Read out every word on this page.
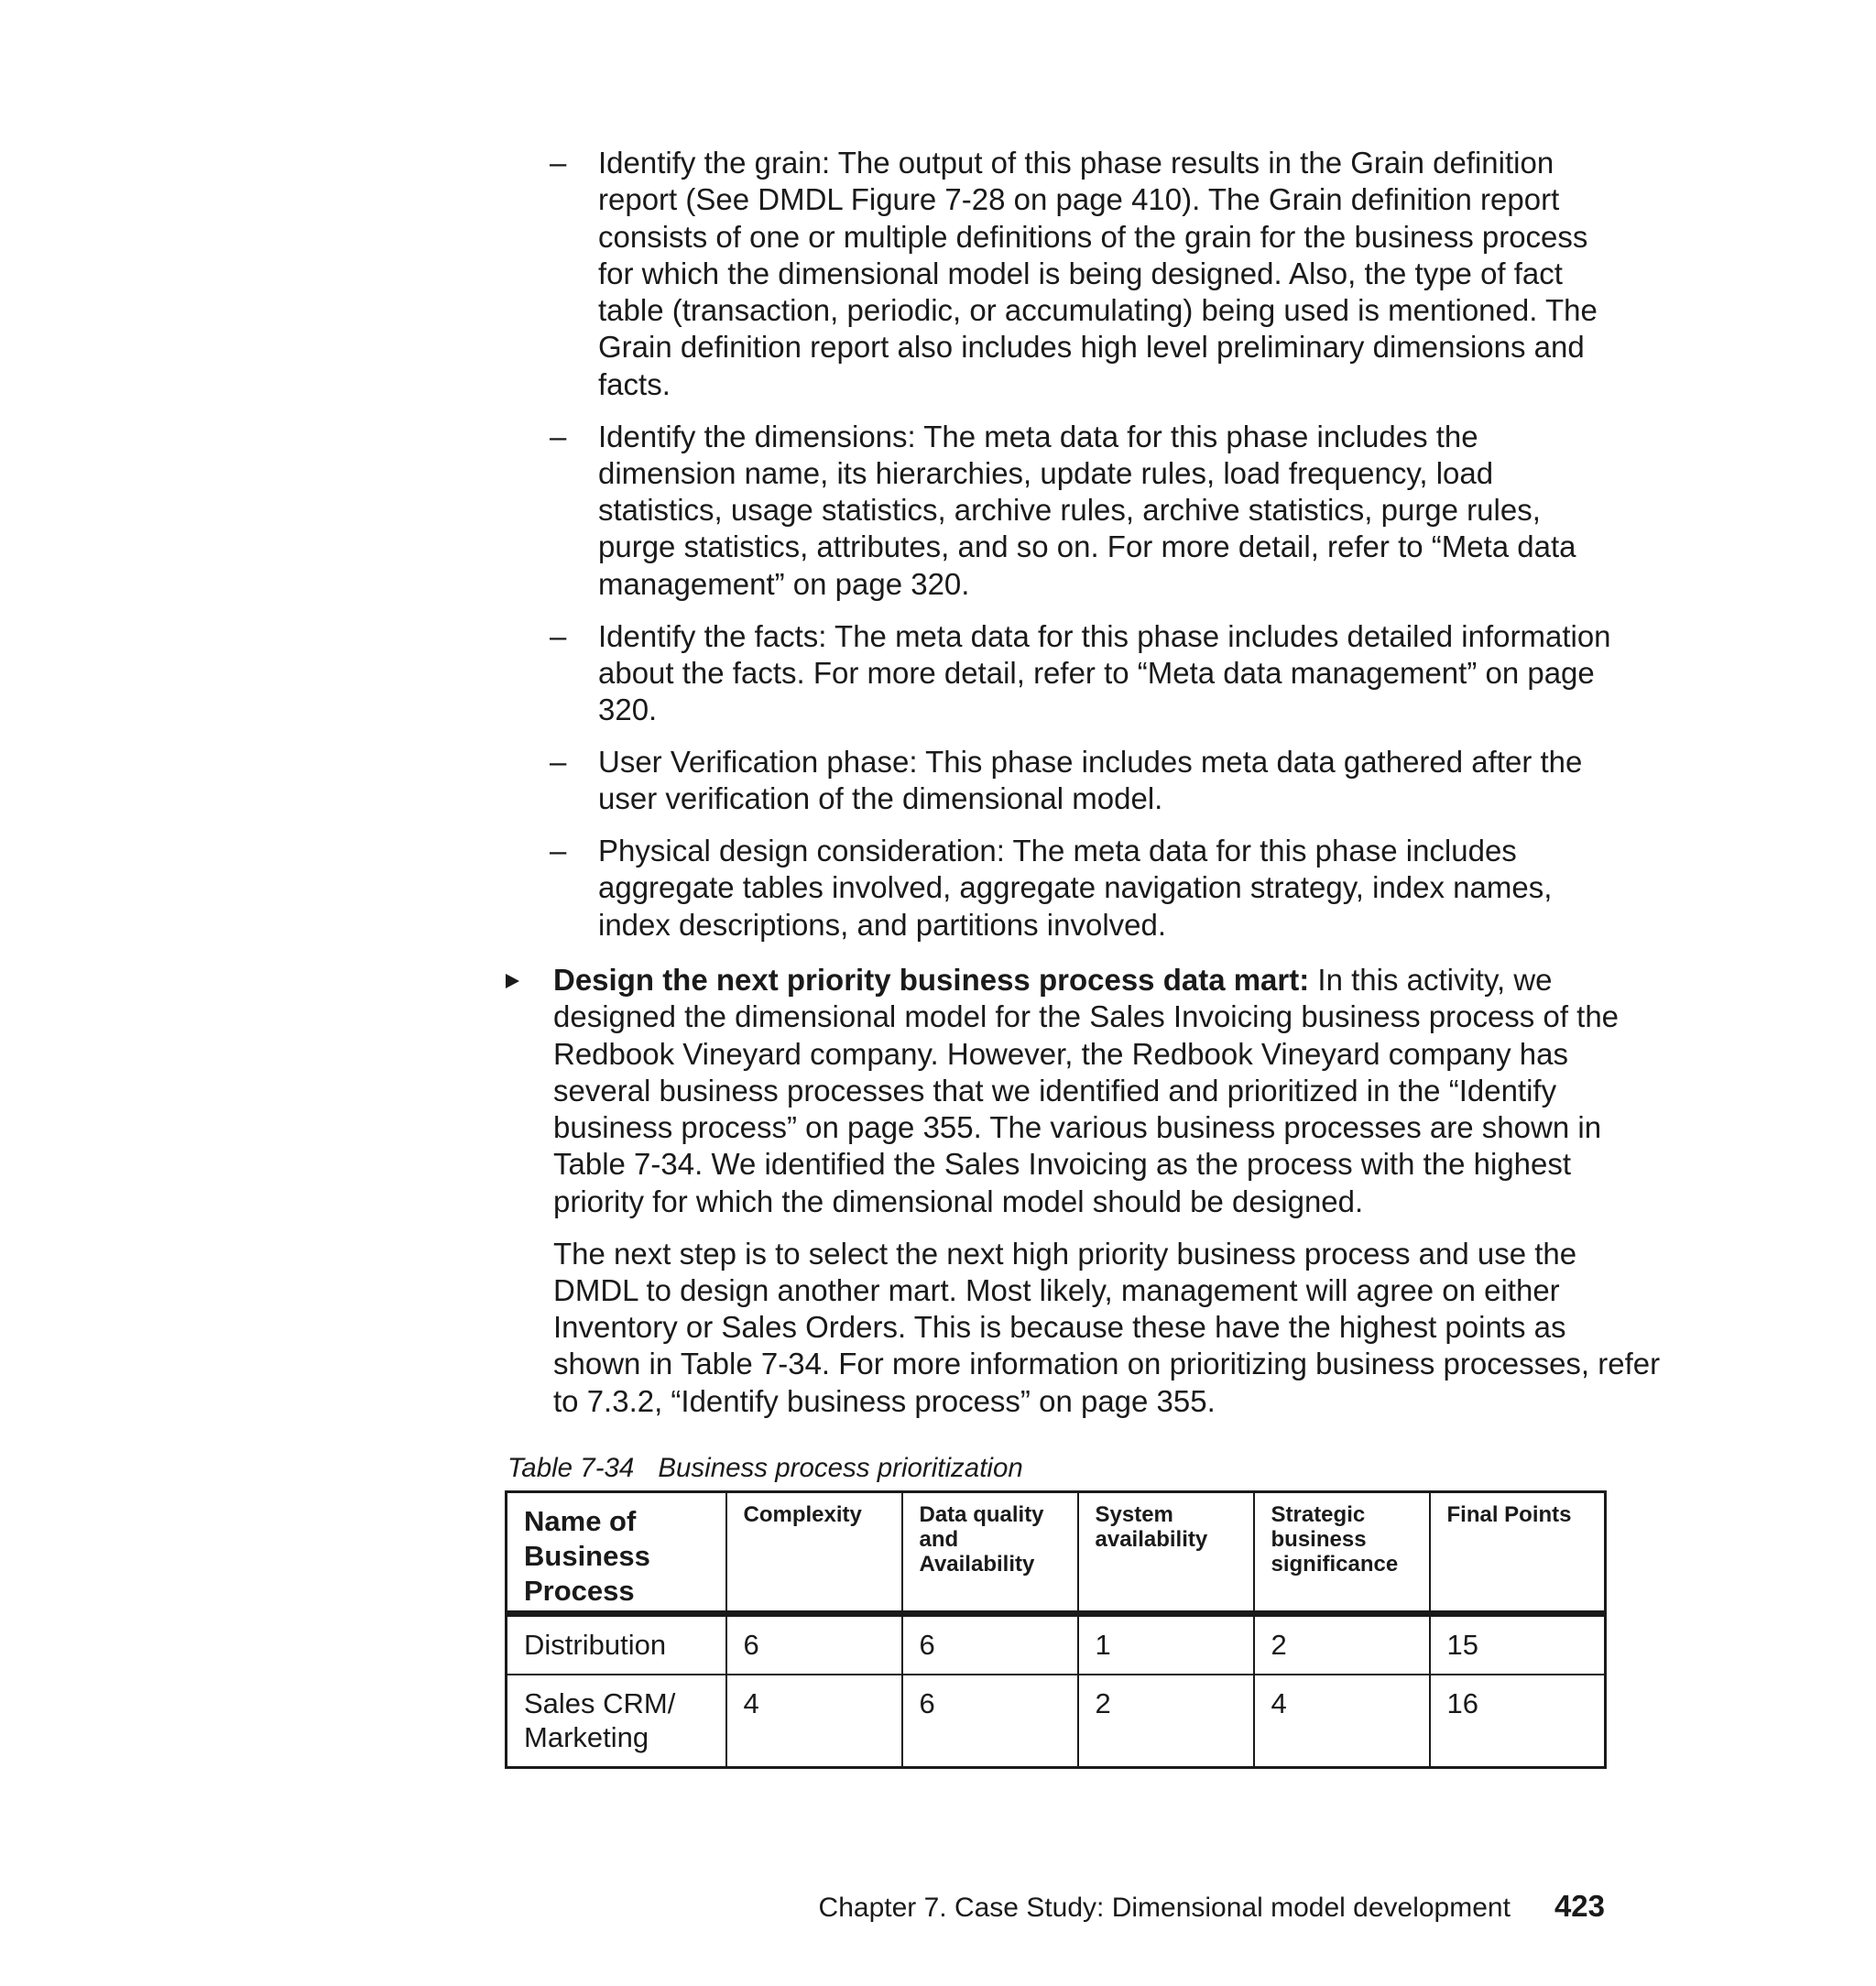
– Identify the grain: The output of this phase results in the Grain definition report (See DMDL Figure 7-28 on page 410). The Grain definition report consists of one or multiple definitions of the grain for the business process for which the dimensional model is being designed. Also, the type of fact table (transaction, periodic, or accumulating) being used is mentioned. The Grain definition report also includes high level preliminary dimensions and facts.
– Identify the dimensions: The meta data for this phase includes the dimension name, its hierarchies, update rules, load frequency, load statistics, usage statistics, archive rules, archive statistics, purge rules, purge statistics, attributes, and so on. For more detail, refer to “Meta data management” on page 320.
– Identify the facts: The meta data for this phase includes detailed information about the facts. For more detail, refer to “Meta data management” on page 320.
– User Verification phase: This phase includes meta data gathered after the user verification of the dimensional model.
– Physical design consideration: The meta data for this phase includes aggregate tables involved, aggregate navigation strategy, index names, index descriptions, and partitions involved.

Design the next priority business process data mart: In this activity, we designed the dimensional model for the Sales Invoicing business process of the Redbook Vineyard company. However, the Redbook Vineyard company has several business processes that we identified and prioritized in the “Identify business process” on page 355. The various business processes are shown in Table 7-34. We identified the Sales Invoicing as the process with the highest priority for which the dimensional model should be designed.

The next step is to select the next high priority business process and use the DMDL to design another mart. Most likely, management will agree on either Inventory or Sales Orders. This is because these have the highest points as shown in Table 7-34. For more information on prioritizing business processes, refer to 7.3.2, “Identify business process” on page 355.

Table 7-34 Business process prioritization
Name of Business Process	Complexity	Data quality and Availability	System availability	Strategic business significance	Final Points
Distribution	6	6	1	2	15
Sales CRM/ Marketing	4	6	2	4	16
Chapter 7. Case Study: Dimensional model development 423
